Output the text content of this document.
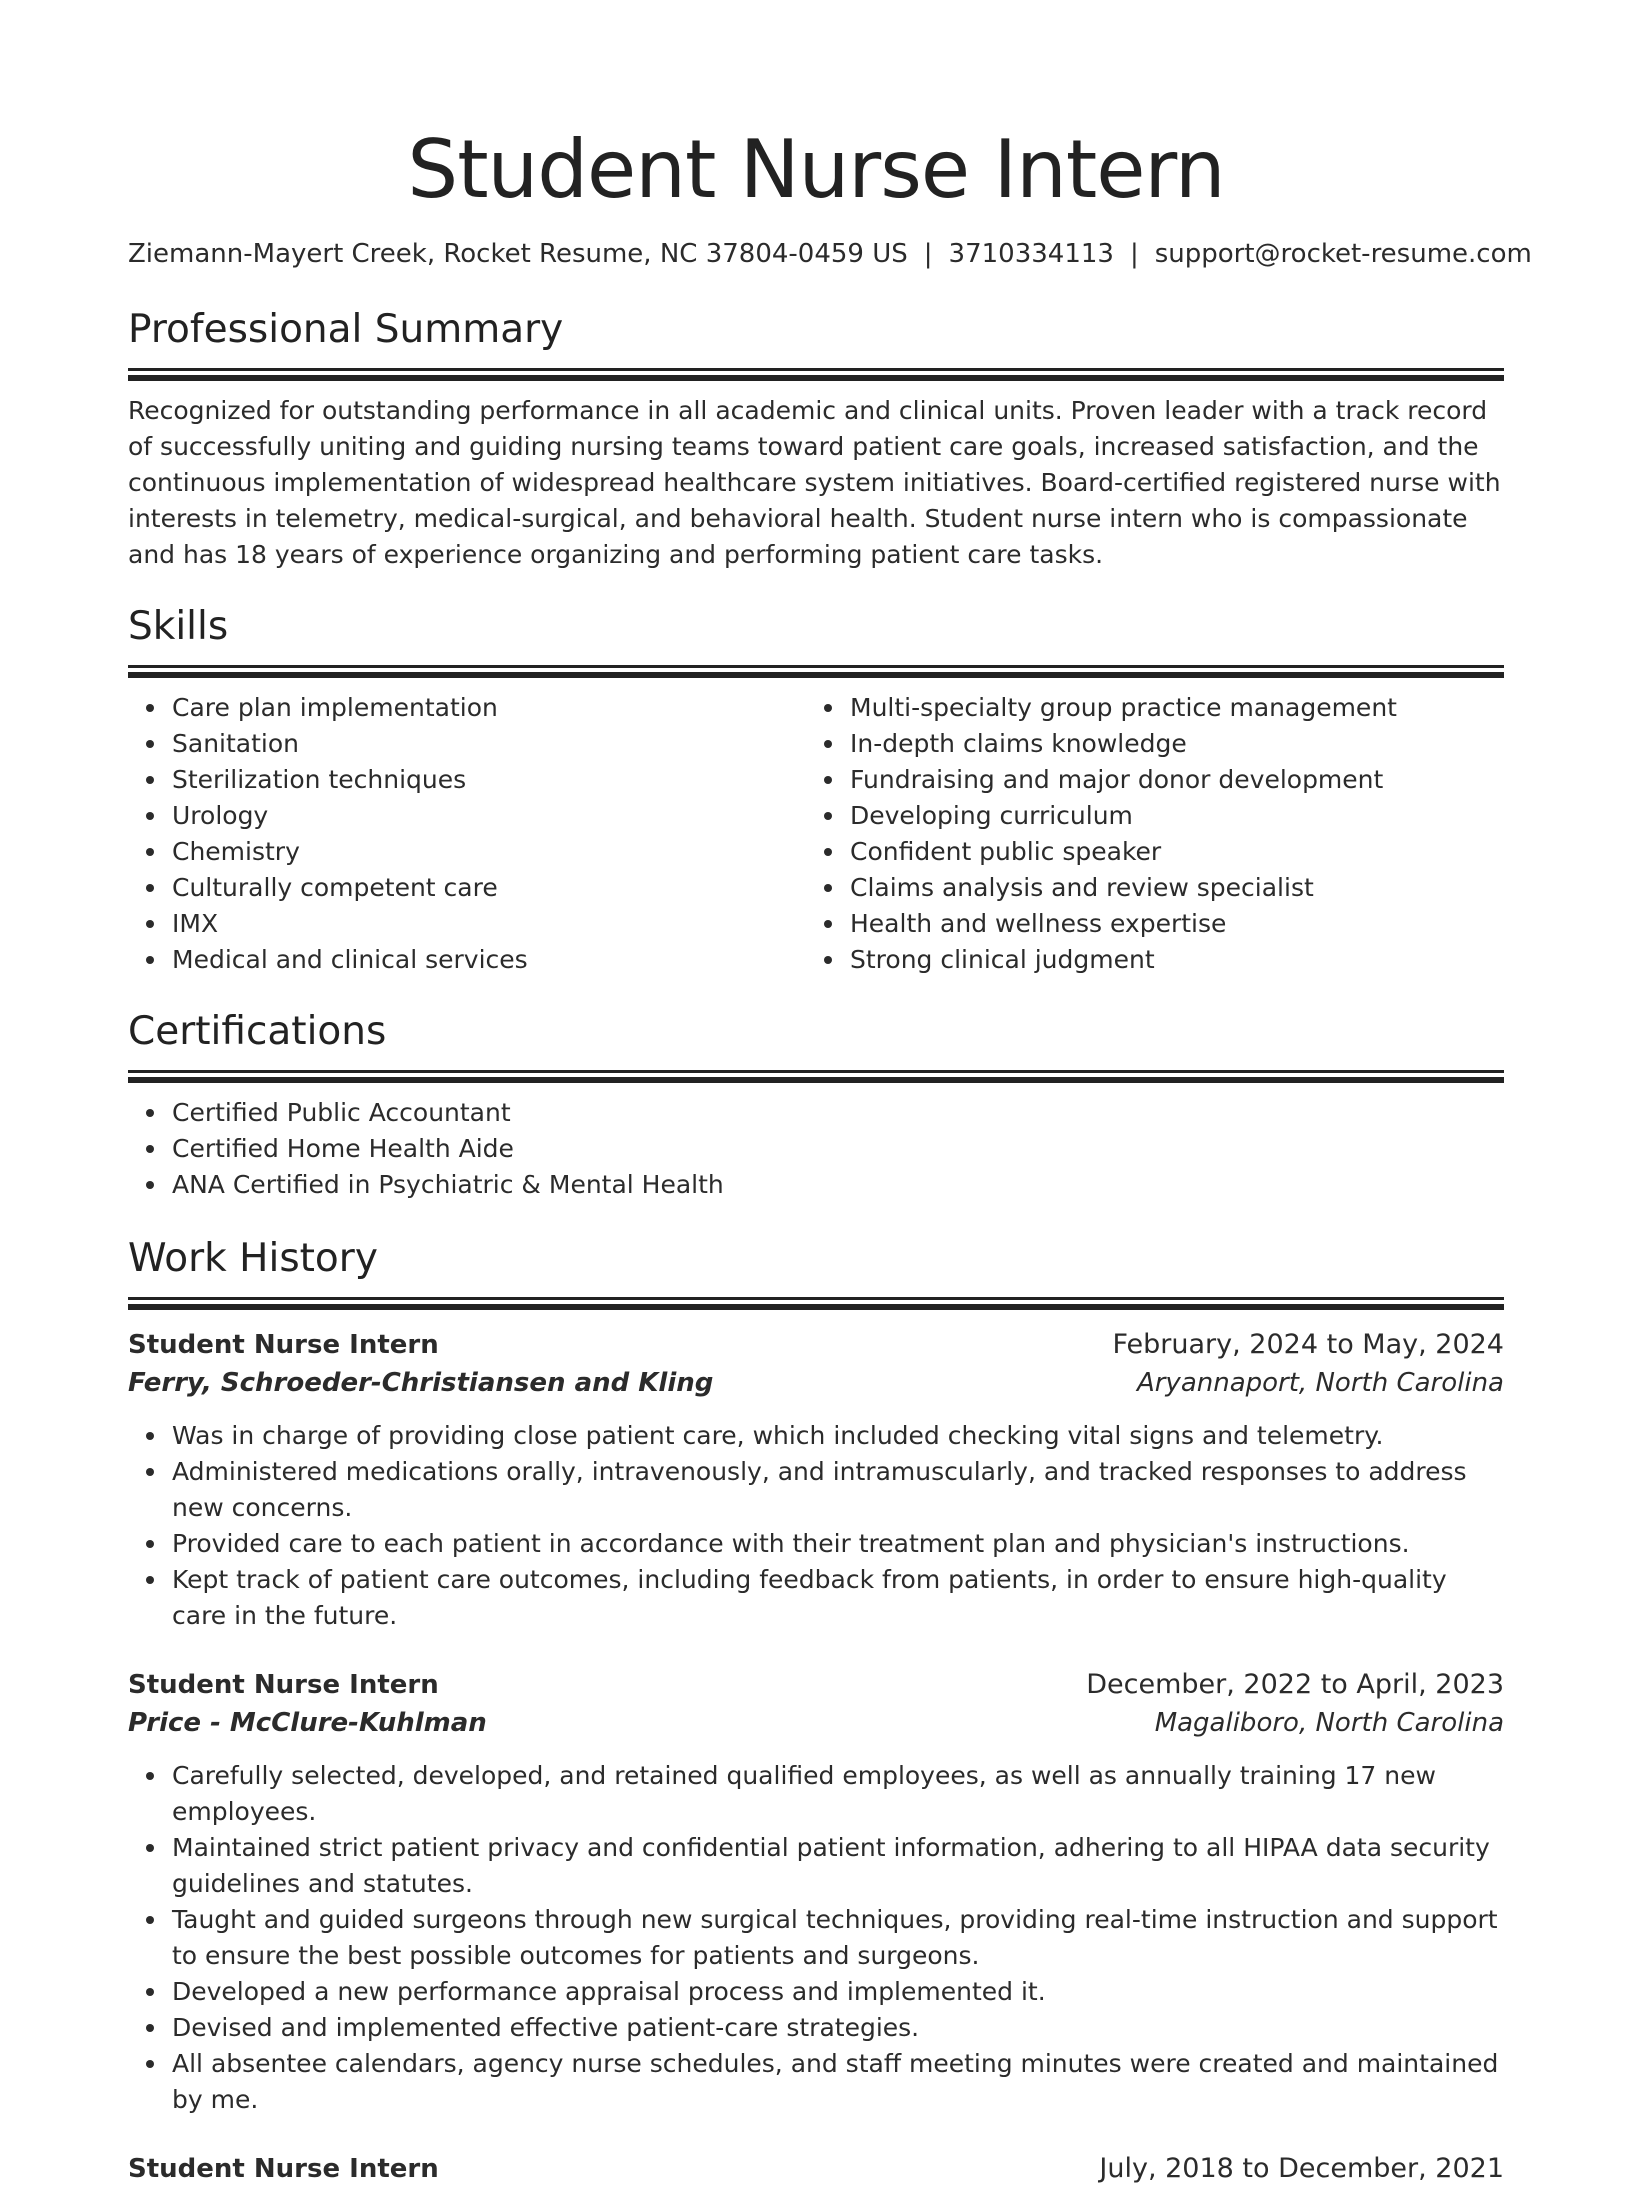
Student Nurse Intern
Ziemann-Mayert Creek, Rocket Resume, NC 37804-0459 US | 3710334113 | support@rocket-resume.com
Professional Summary
Recognized for outstanding performance in all academic and clinical units. Proven leader with a track record of successfully uniting and guiding nursing teams toward patient care goals, increased satisfaction, and the continuous implementation of widespread healthcare system initiatives. Board-certified registered nurse with interests in telemetry, medical-surgical, and behavioral health. Student nurse intern who is compassionate and has 18 years of experience organizing and performing patient care tasks.
Skills
Care plan implementation
Sanitation
Sterilization techniques
Urology
Chemistry
Culturally competent care
IMX
Medical and clinical services
Multi-specialty group practice management
In-depth claims knowledge
Fundraising and major donor development
Developing curriculum
Confident public speaker
Claims analysis and review specialist
Health and wellness expertise
Strong clinical judgment
Certifications
Certified Public Accountant
Certified Home Health Aide
ANA Certified in Psychiatric & Mental Health
Work History
Student Nurse Intern	February, 2024 to May, 2024
Ferry, Schroeder-Christiansen and Kling	Aryannaport, North Carolina
Was in charge of providing close patient care, which included checking vital signs and telemetry.
Administered medications orally, intravenously, and intramuscularly, and tracked responses to address new concerns.
Provided care to each patient in accordance with their treatment plan and physician's instructions.
Kept track of patient care outcomes, including feedback from patients, in order to ensure high-quality care in the future.
Student Nurse Intern	December, 2022 to April, 2023
Price - McClure-Kuhlman	Magaliboro, North Carolina
Carefully selected, developed, and retained qualified employees, as well as annually training 17 new employees.
Maintained strict patient privacy and confidential patient information, adhering to all HIPAA data security guidelines and statutes.
Taught and guided surgeons through new surgical techniques, providing real-time instruction and support to ensure the best possible outcomes for patients and surgeons.
Developed a new performance appraisal process and implemented it.
Devised and implemented effective patient-care strategies.
All absentee calendars, agency nurse schedules, and staff meeting minutes were created and maintained by me.
Student Nurse Intern	July, 2018 to December, 2021
